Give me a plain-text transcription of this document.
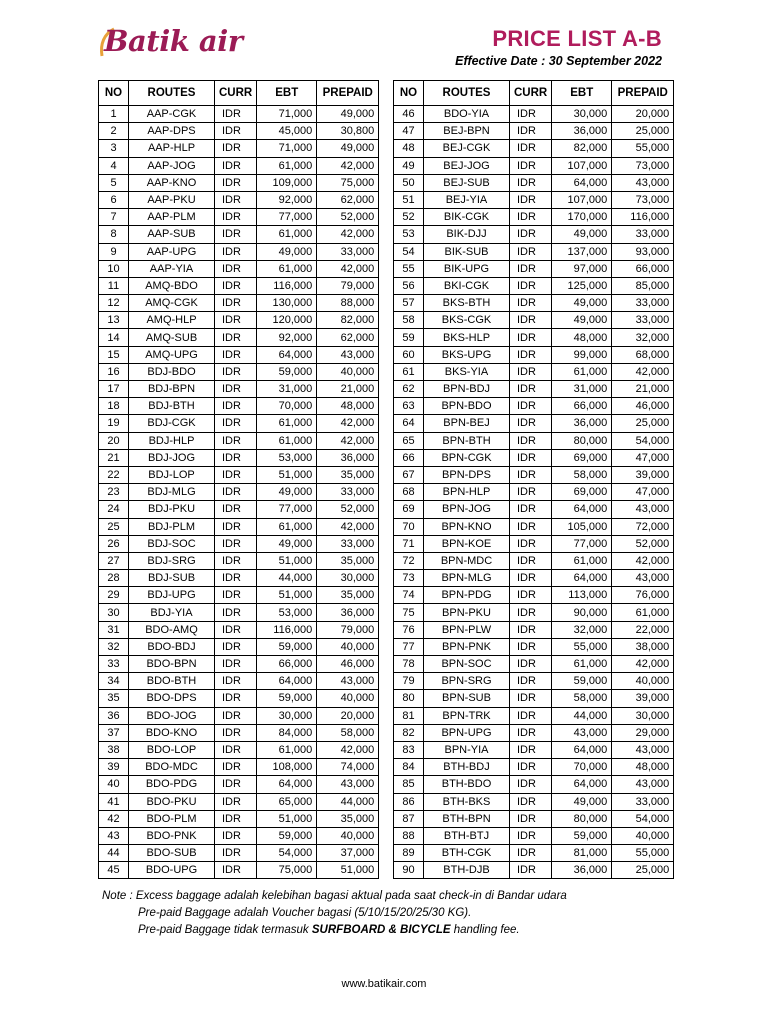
Batik air	PRICE LIST A-B
Effective Date : 30 September 2022
NO	ROUTES	CURR	EBT	PREPAID
1	AAP-CGK	IDR	71,000	49,000
2	AAP-DPS	IDR	45,000	30,800
3	AAP-HLP	IDR	71,000	49,000
4	AAP-JOG	IDR	61,000	42,000
5	AAP-KNO	IDR	109,000	75,000
6	AAP-PKU	IDR	92,000	62,000
7	AAP-PLM	IDR	77,000	52,000
8	AAP-SUB	IDR	61,000	42,000
9	AAP-UPG	IDR	49,000	33,000
10	AAP-YIA	IDR	61,000	42,000
11	AMQ-BDO	IDR	116,000	79,000
12	AMQ-CGK	IDR	130,000	88,000
13	AMQ-HLP	IDR	120,000	82,000
14	AMQ-SUB	IDR	92,000	62,000
15	AMQ-UPG	IDR	64,000	43,000
16	BDJ-BDO	IDR	59,000	40,000
17	BDJ-BPN	IDR	31,000	21,000
18	BDJ-BTH	IDR	70,000	48,000
19	BDJ-CGK	IDR	61,000	42,000
20	BDJ-HLP	IDR	61,000	42,000
21	BDJ-JOG	IDR	53,000	36,000
22	BDJ-LOP	IDR	51,000	35,000
23	BDJ-MLG	IDR	49,000	33,000
24	BDJ-PKU	IDR	77,000	52,000
25	BDJ-PLM	IDR	61,000	42,000
26	BDJ-SOC	IDR	49,000	33,000
27	BDJ-SRG	IDR	51,000	35,000
28	BDJ-SUB	IDR	44,000	30,000
29	BDJ-UPG	IDR	51,000	35,000
30	BDJ-YIA	IDR	53,000	36,000
31	BDO-AMQ	IDR	116,000	79,000
32	BDO-BDJ	IDR	59,000	40,000
33	BDO-BPN	IDR	66,000	46,000
34	BDO-BTH	IDR	64,000	43,000
35	BDO-DPS	IDR	59,000	40,000
36	BDO-JOG	IDR	30,000	20,000
37	BDO-KNO	IDR	84,000	58,000
38	BDO-LOP	IDR	61,000	42,000
39	BDO-MDC	IDR	108,000	74,000
40	BDO-PDG	IDR	64,000	43,000
41	BDO-PKU	IDR	65,000	44,000
42	BDO-PLM	IDR	51,000	35,000
43	BDO-PNK	IDR	59,000	40,000
44	BDO-SUB	IDR	54,000	37,000
45	BDO-UPG	IDR	75,000	51,000
NO	ROUTES	CURR	EBT	PREPAID
46	BDO-YIA	IDR	30,000	20,000
47	BEJ-BPN	IDR	36,000	25,000
48	BEJ-CGK	IDR	82,000	55,000
49	BEJ-JOG	IDR	107,000	73,000
50	BEJ-SUB	IDR	64,000	43,000
51	BEJ-YIA	IDR	107,000	73,000
52	BIK-CGK	IDR	170,000	116,000
53	BIK-DJJ	IDR	49,000	33,000
54	BIK-SUB	IDR	137,000	93,000
55	BIK-UPG	IDR	97,000	66,000
56	BKI-CGK	IDR	125,000	85,000
57	BKS-BTH	IDR	49,000	33,000
58	BKS-CGK	IDR	49,000	33,000
59	BKS-HLP	IDR	48,000	32,000
60	BKS-UPG	IDR	99,000	68,000
61	BKS-YIA	IDR	61,000	42,000
62	BPN-BDJ	IDR	31,000	21,000
63	BPN-BDO	IDR	66,000	46,000
64	BPN-BEJ	IDR	36,000	25,000
65	BPN-BTH	IDR	80,000	54,000
66	BPN-CGK	IDR	69,000	47,000
67	BPN-DPS	IDR	58,000	39,000
68	BPN-HLP	IDR	69,000	47,000
69	BPN-JOG	IDR	64,000	43,000
70	BPN-KNO	IDR	105,000	72,000
71	BPN-KOE	IDR	77,000	52,000
72	BPN-MDC	IDR	61,000	42,000
73	BPN-MLG	IDR	64,000	43,000
74	BPN-PDG	IDR	113,000	76,000
75	BPN-PKU	IDR	90,000	61,000
76	BPN-PLW	IDR	32,000	22,000
77	BPN-PNK	IDR	55,000	38,000
78	BPN-SOC	IDR	61,000	42,000
79	BPN-SRG	IDR	59,000	40,000
80	BPN-SUB	IDR	58,000	39,000
81	BPN-TRK	IDR	44,000	30,000
82	BPN-UPG	IDR	43,000	29,000
83	BPN-YIA	IDR	64,000	43,000
84	BTH-BDJ	IDR	70,000	48,000
85	BTH-BDO	IDR	64,000	43,000
86	BTH-BKS	IDR	49,000	33,000
87	BTH-BPN	IDR	80,000	54,000
88	BTH-BTJ	IDR	59,000	40,000
89	BTH-CGK	IDR	81,000	55,000
90	BTH-DJB	IDR	36,000	25,000
Note : Excess baggage adalah kelebihan bagasi aktual pada saat check-in di Bandar udara
Pre-paid Baggage adalah Voucher bagasi (5/10/15/20/25/30 KG).
Pre-paid Baggage tidak termasuk SURFBOARD & BICYCLE handling fee.
www.batikair.com
